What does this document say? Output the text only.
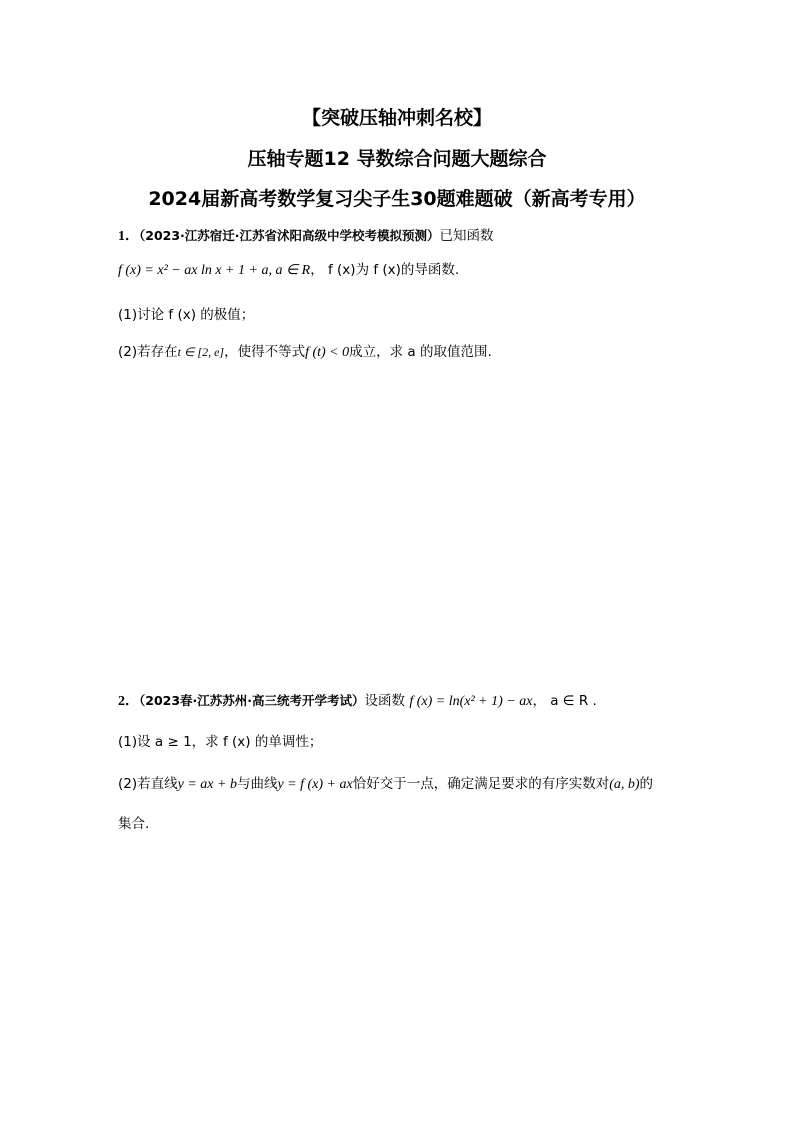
【突破压轴冲刺名校】
压轴专题12 导数综合问题大题综合
2024届新高考数学复习尖子生30题难题破（新高考专用）
1．（2023·江苏宿迁·江苏省沭阳高级中学校考模拟预测）已知函数
f (x) = x² − ax ln x + 1 + a, a ∈ R， f (x)为 f (x)的导函数.
(1)讨论 f (x) 的极值；
(2)若存在t ∈ [2, e]，使得不等式f (t) < 0成立，求 a 的取值范围.
2．（2023春·江苏苏州·高三统考开学考试）设函数 f (x) = ln(x² + 1) − ax， a ∈ R .
(1)设 a ≥ 1，求 f (x) 的单调性；
(2)若直线y = ax + b与曲线y = f (x) + ax恰好交于一点，确定满足要求的有序实数对(a, b)的
集合.
